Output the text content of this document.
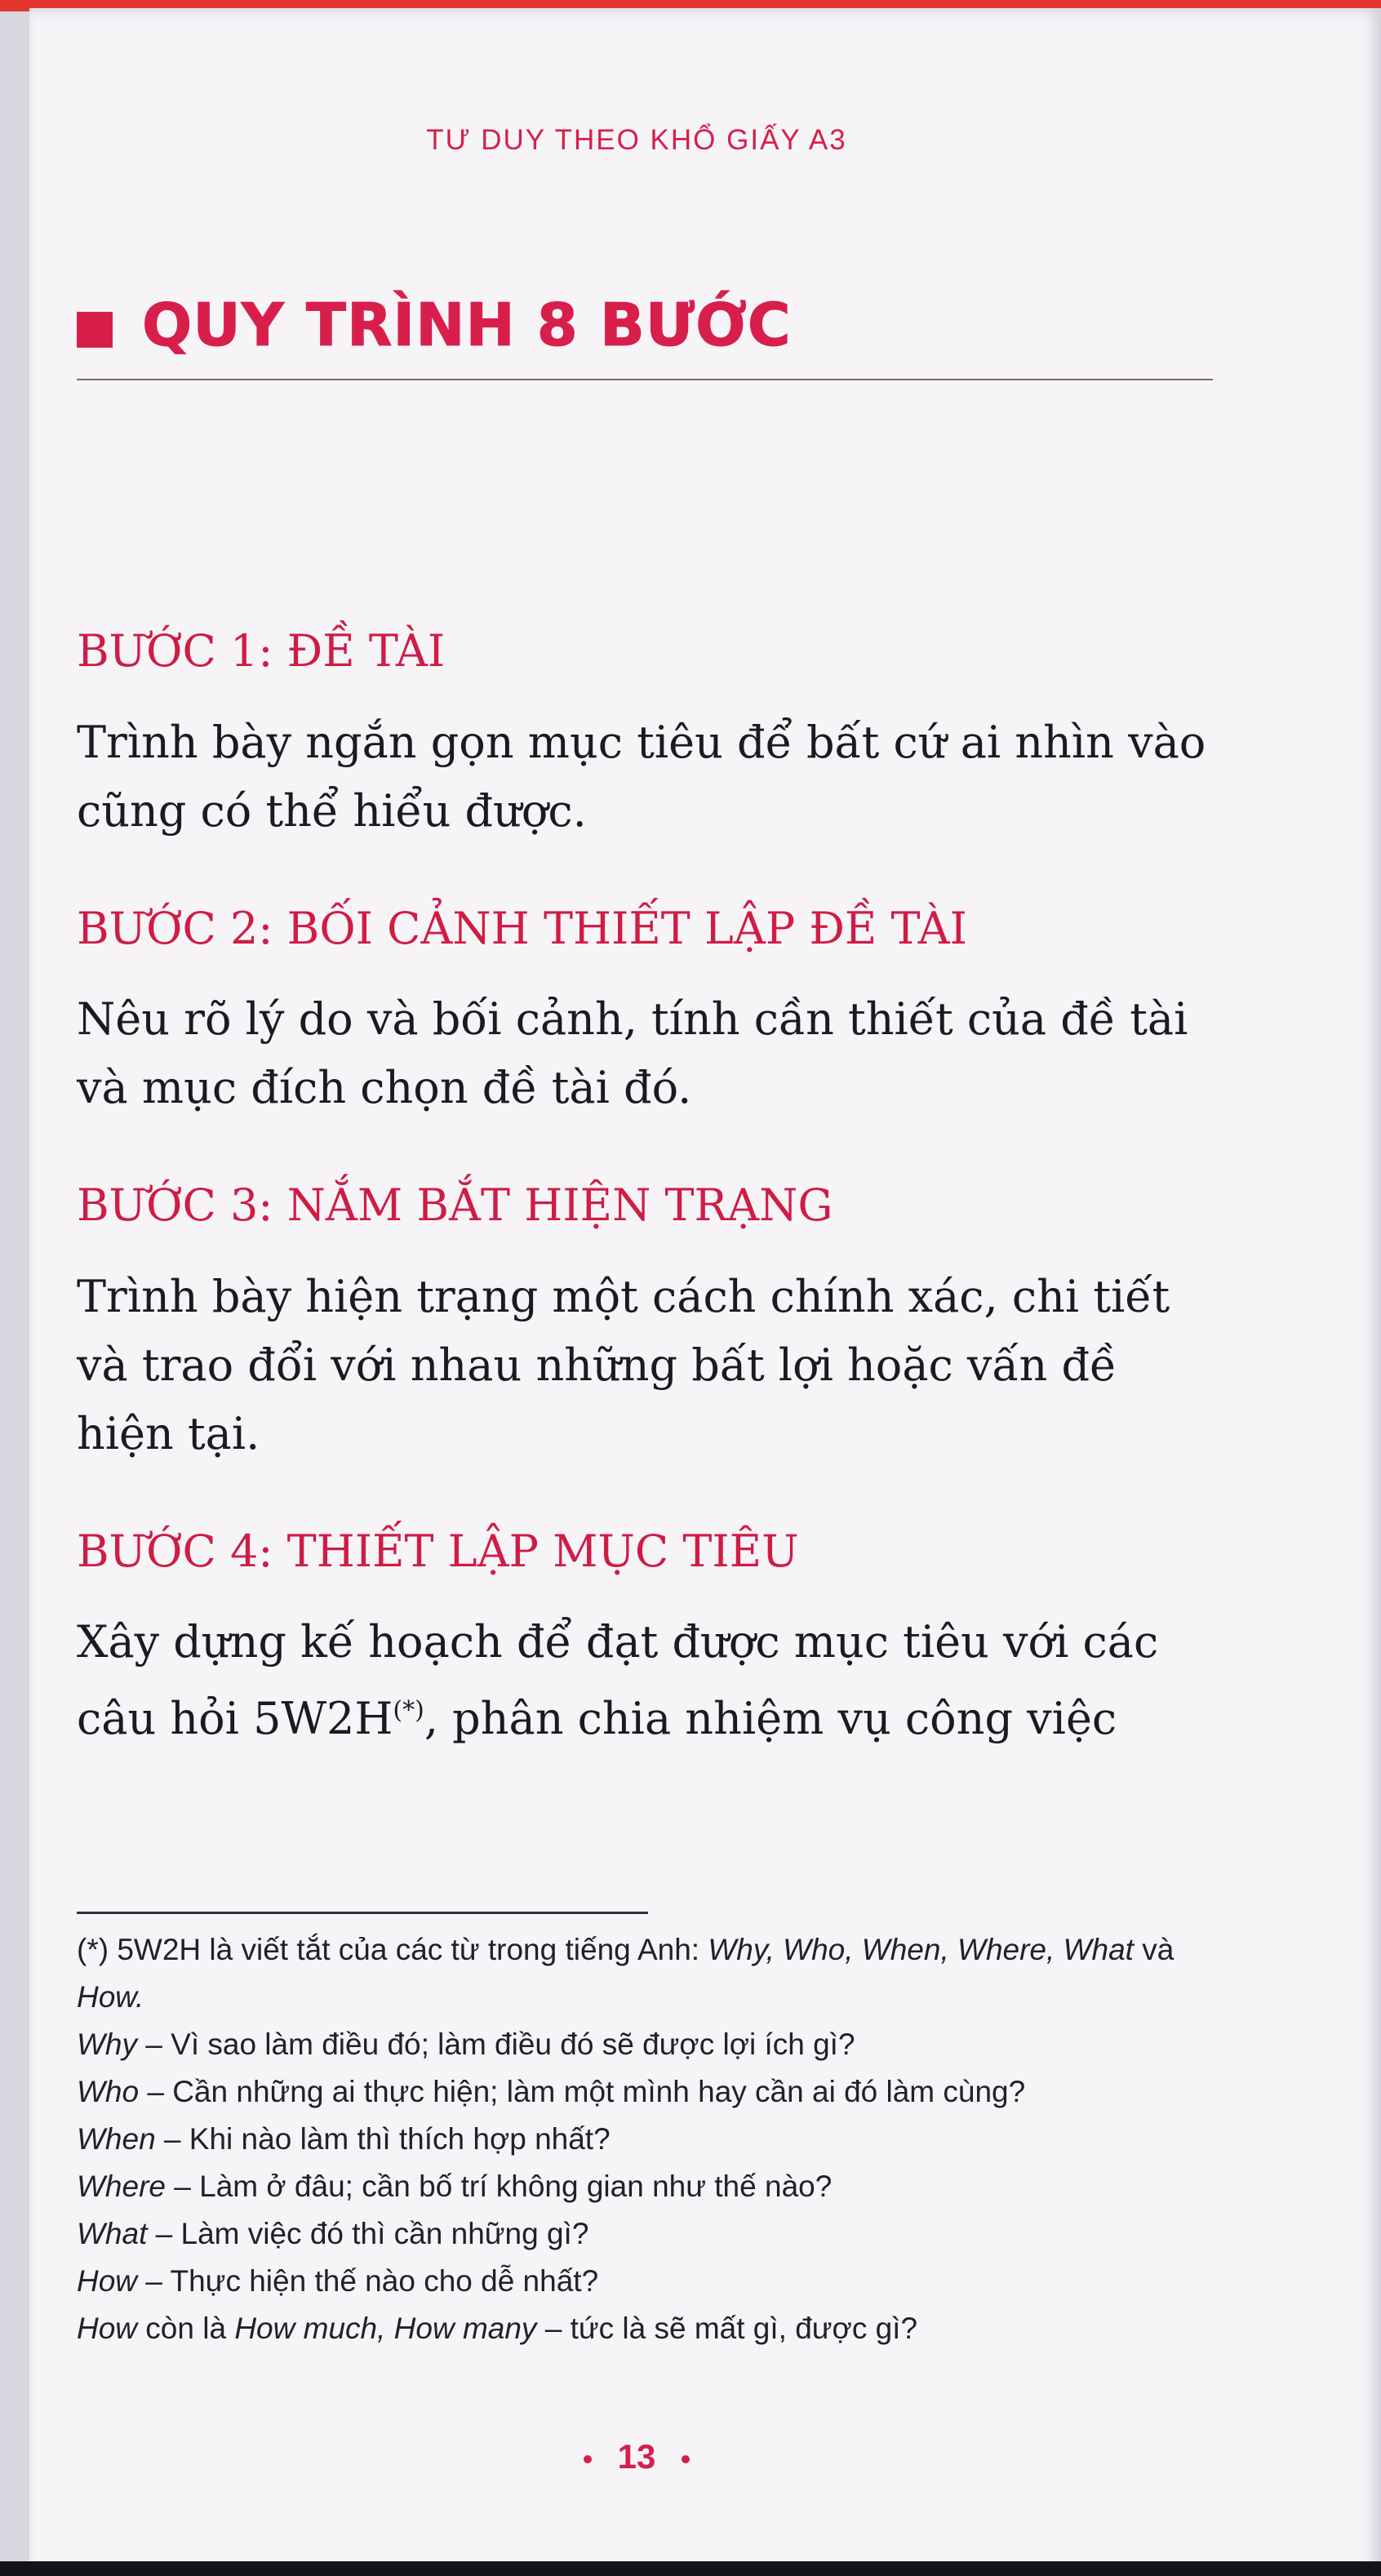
TƯ DUY THEO KHỔ GIẤY A3
QUY TRÌNH 8 BƯỚC

BƯỚC 1: ĐỀ TÀI

Trình bày ngắn gọn mục tiêu để bất cứ ai nhìn vào cũng có thể hiểu được.

BƯỚC 2: BỐI CẢNH THIẾT LẬP ĐỀ TÀI

Nêu rõ lý do và bối cảnh, tính cần thiết của đề tài và mục đích chọn đề tài đó.

BƯỚC 3: NẮM BẮT HIỆN TRẠNG

Trình bày hiện trạng một cách chính xác, chi tiết và trao đổi với nhau những bất lợi hoặc vấn đề hiện tại.

BƯỚC 4: THIẾT LẬP MỤC TIÊU

Xây dựng kế hoạch để đạt được mục tiêu với các câu hỏi 5W2H(*), phân chia nhiệm vụ công việc

(*) 5W2H là viết tắt của các từ trong tiếng Anh: Why, Who, When, Where, What và How.

Why – Vì sao làm điều đó; làm điều đó sẽ được lợi ích gì?

Who – Cần những ai thực hiện; làm một mình hay cần ai đó làm cùng?

When – Khi nào làm thì thích hợp nhất?

Where – Làm ở đâu; cần bố trí không gian như thế nào?

What – Làm việc đó thì cần những gì?

How – Thực hiện thế nào cho dễ nhất?

How còn là How much, How many – tức là sẽ mất gì, được gì?

13
